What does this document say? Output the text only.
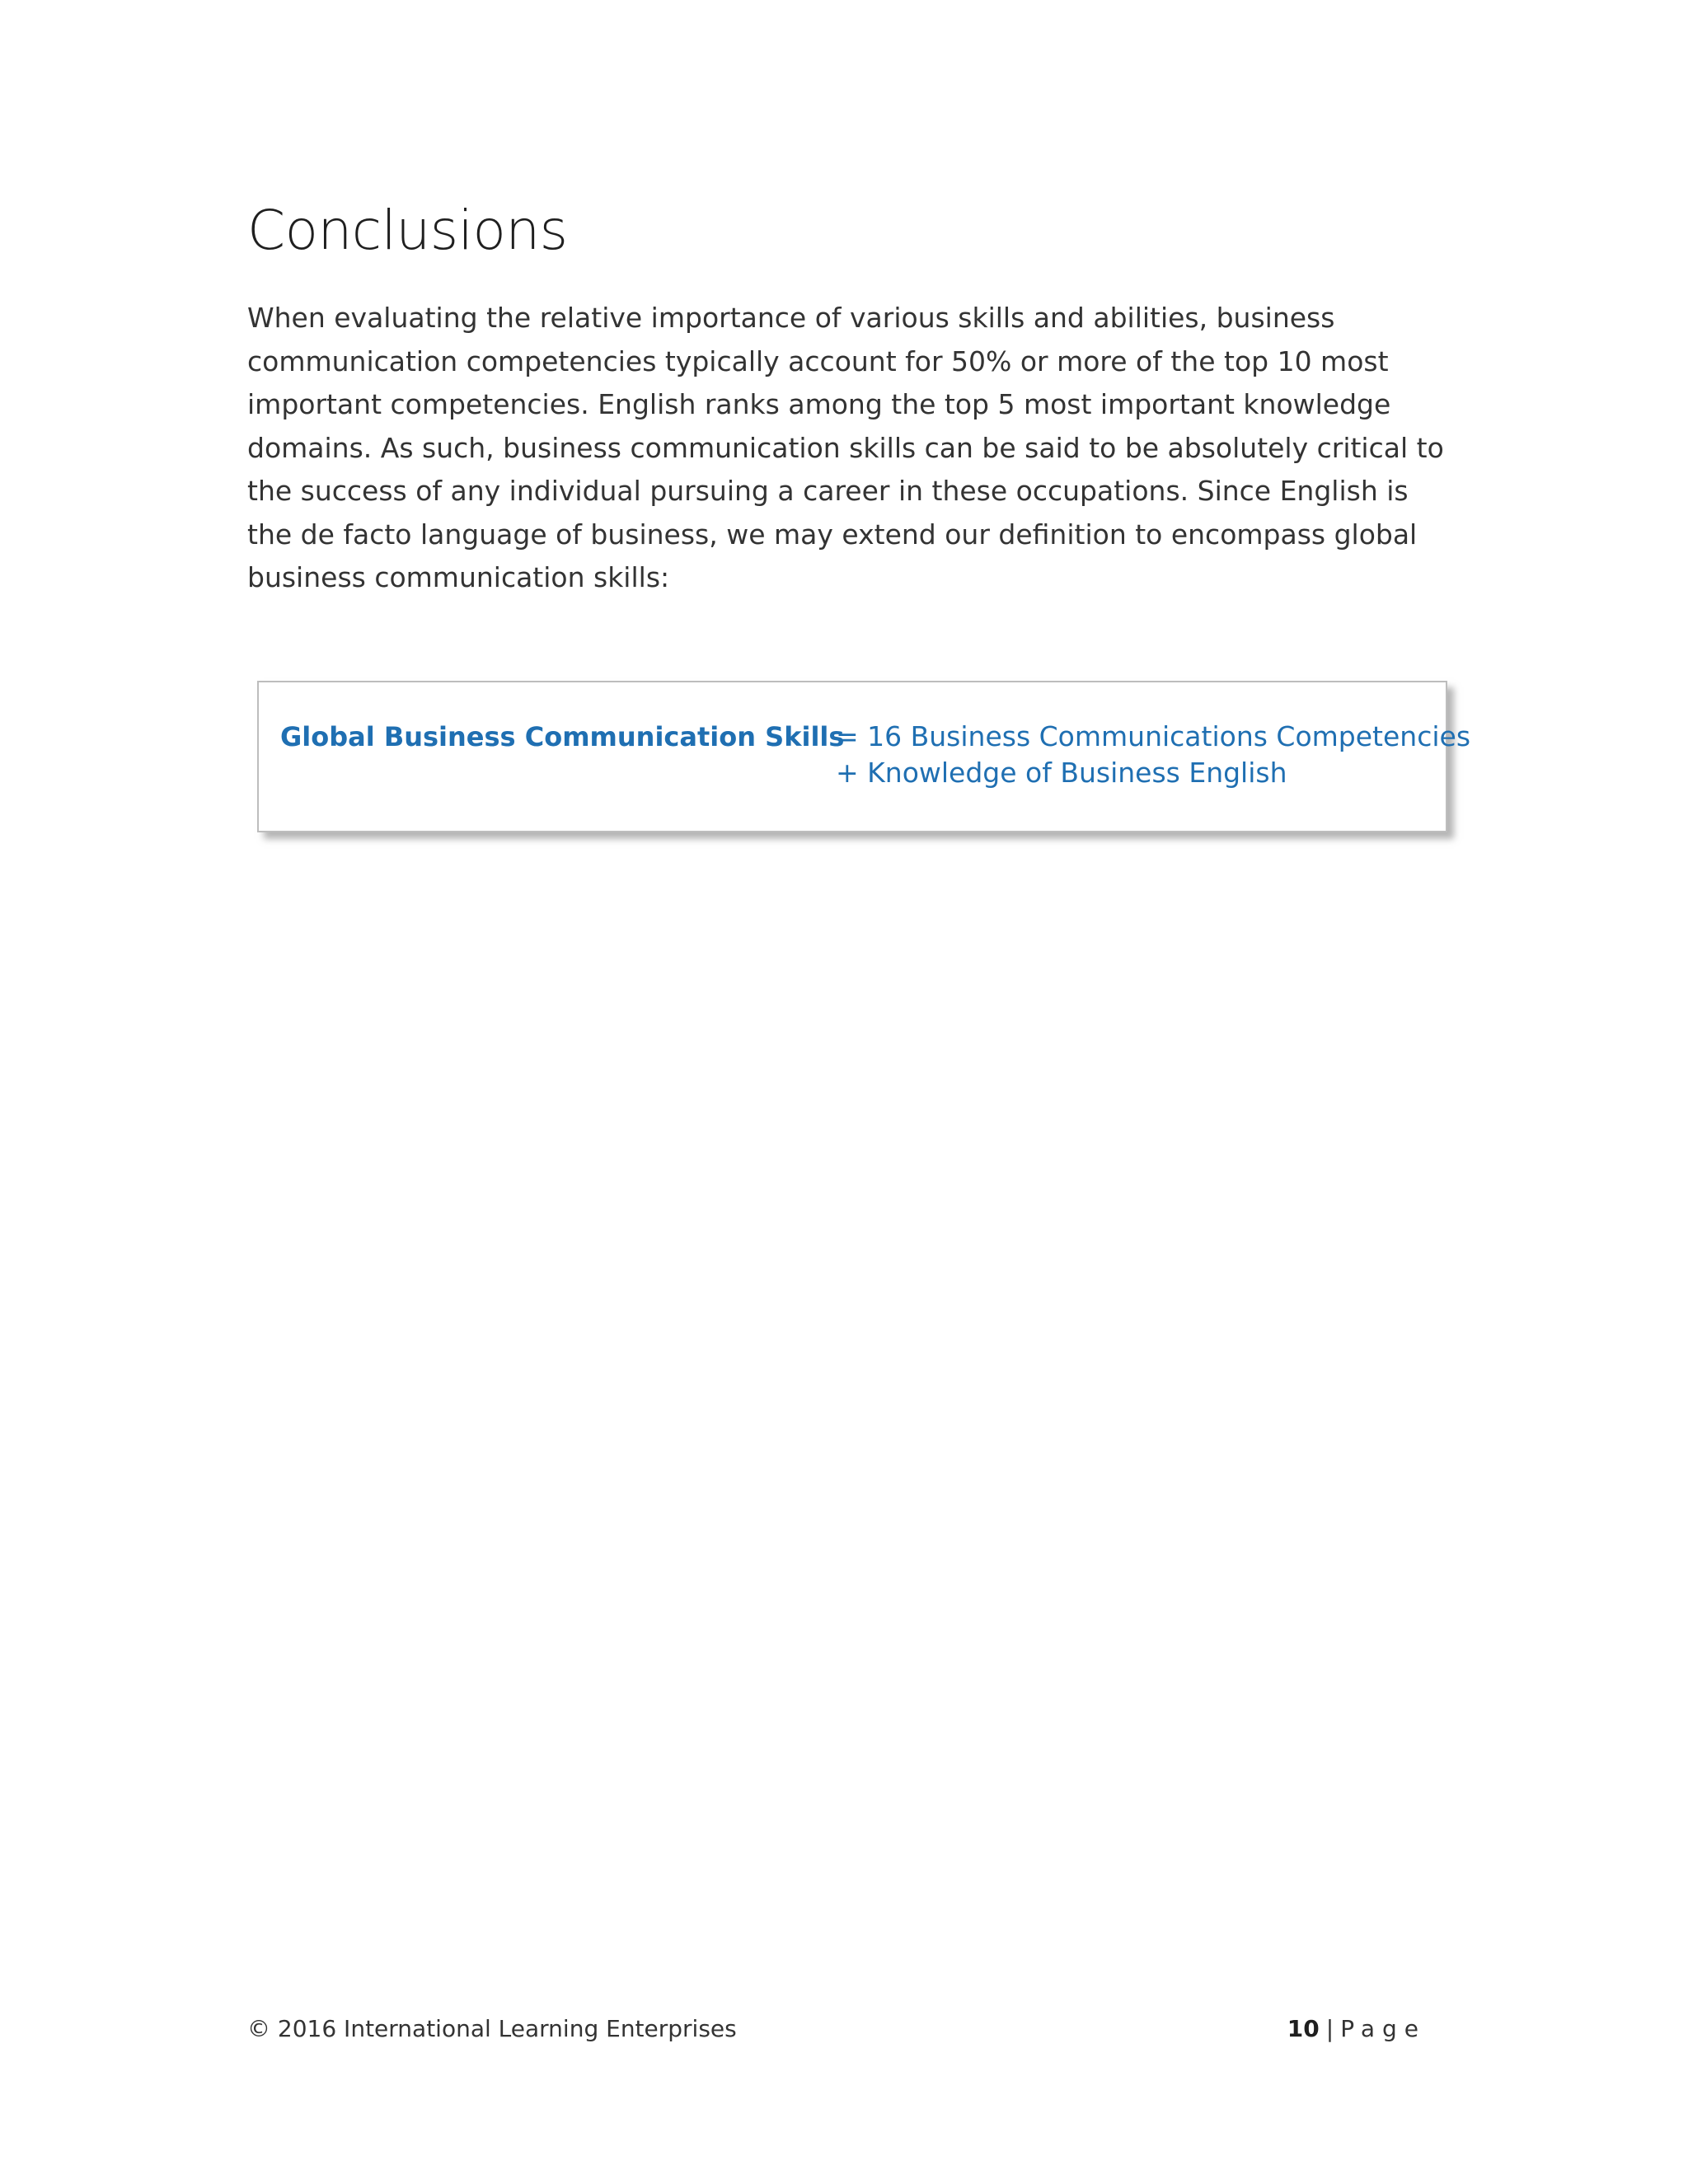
Conclusions

When evaluating the relative importance of various skills and abilities, business communication competencies typically account for 50% or more of the top 10 most important competencies. English ranks among the top 5 most important knowledge domains. As such, business communication skills can be said to be absolutely critical to the success of any individual pursuing a career in these occupations. Since English is the de facto language of business, we may extend our definition to encompass global business communication skills:

Global Business Communication Skills
= 16 Business Communications Competencies
+ Knowledge of Business English
© 2016 International Learning Enterprises	10 | Page
